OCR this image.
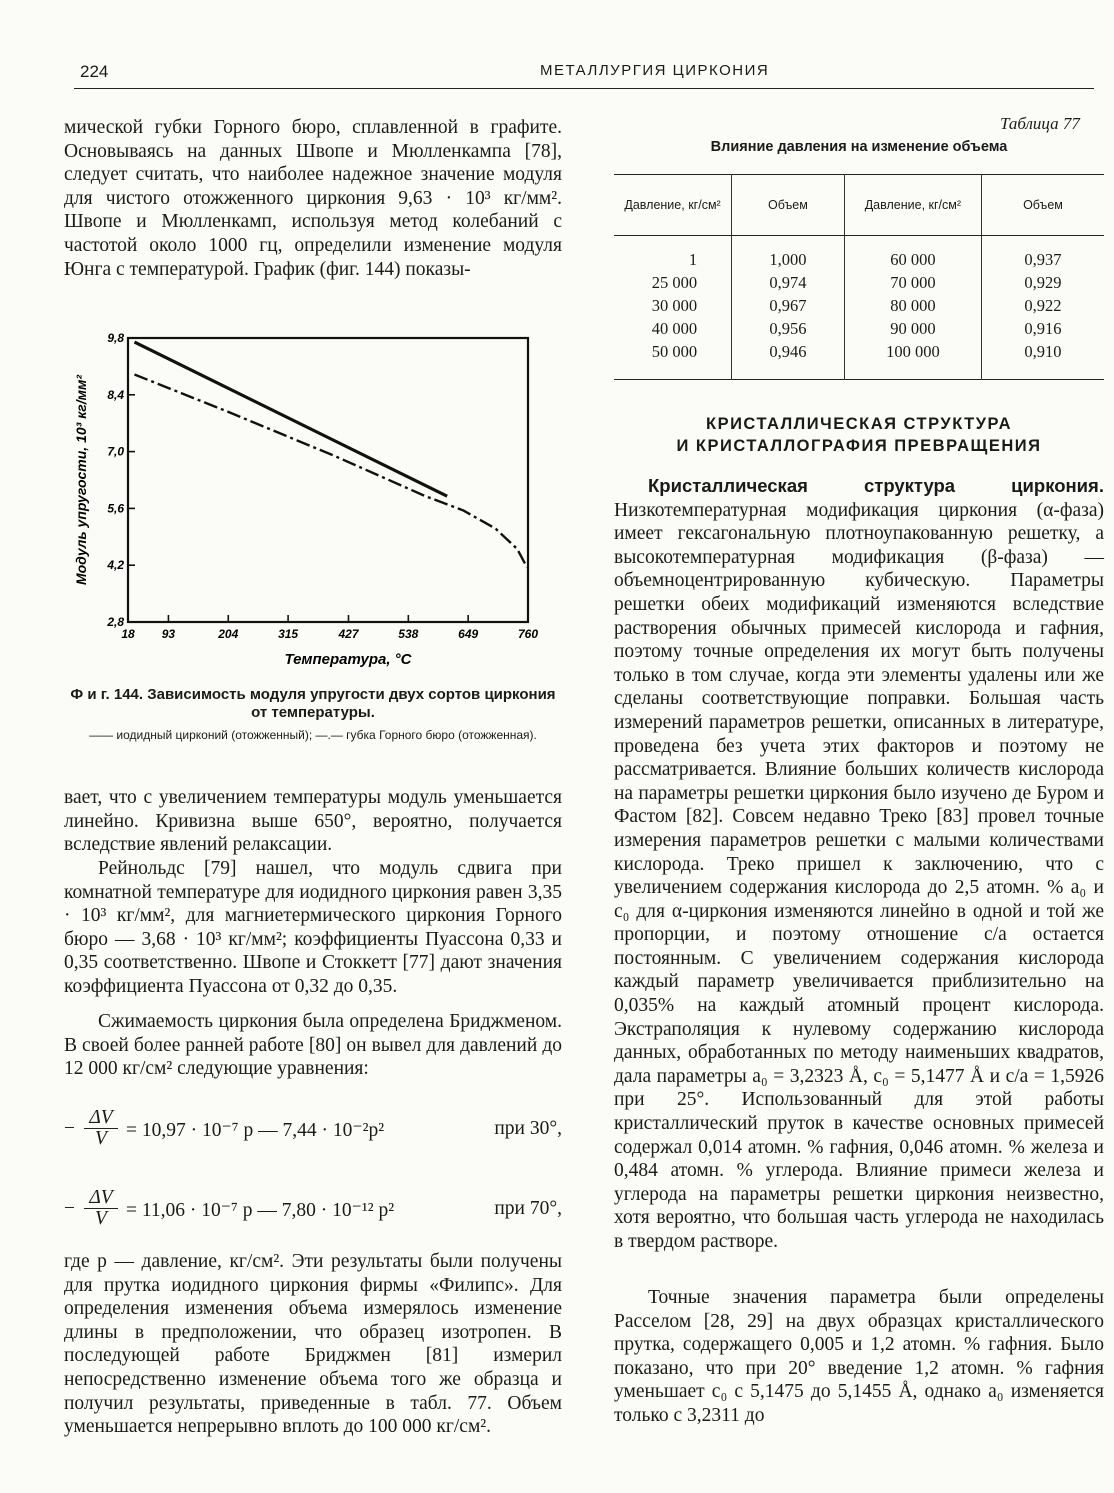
224	МЕТАЛЛУРГИЯ ЦИРКОНИЯ

мической губки Горного бюро, сплавленной в графите. Основываясь на данных Швопе и Мюлленкампа [78], следует считать, что наиболее надежное значение модуля для чистого отожженного циркония 9,63 · 10³ кг/мм². Швопе и Мюлленкамп, используя метод колебаний с частотой около 1000 гц, определили изменение модуля Юнга с температурой. График (фиг. 144) показы-

18 93	204	315	427	538	649	760
2,8
4,2
5,6
7,0
8,4
9,8
Температура, °С
Модуль упругости, 10³ кг/мм²
Ф и г. 144. Зависимость модуля упругости двух сортов циркония от температуры.
—— иодидный цирконий (отожженный); —.— губка Горного бюро (отожженная).

вает, что с увеличением температуры модуль уменьшается линейно. Кривизна выше 650°, вероятно, получается вследствие явлений релаксации.

Рейнольдс [79] нашел, что модуль сдвига при комнатной температуре для иодидного циркония равен 3,35 · 10³ кг/мм², для магниетермического циркония Горного бюро — 3,68 · 10³ кг/мм²; коэффициенты Пуассона 0,33 и 0,35 соответственно. Швопе и Стоккетт [77] дают значения коэффициента Пуассона от 0,32 до 0,35.

Сжимаемость циркония была определена Бриджменом. В своей более ранней работе [80] он вывел для давлений до 12 000 кг/см² следующие уравнения:

− $\frac{\Delta V}{V} = 10,97 \cdot 10^{-7}$ p — 7,44 · 10⁻²p²	при 30°,
− $\frac{\Delta V}{V} = 11,06 \cdot 10^{-7}$ p — 7,80 · 10⁻¹² p²	при 70°,

где p — давление, кг/см². Эти результаты были получены для прутка иодидного циркония фирмы «Филипс». Для определения изменения объема измерялось изменение длины в предположении, что образец изотропен. В последующей работе Бриджмен [81] измерил непосредственно изменение объема того же образца и получил результаты, приведенные в табл. 77. Объем уменьшается непрерывно вплоть до 100 000 кг/см².

Таблица 77
Влияние давления на изменение объема
Давление, кг/см²	Объем	Давление, кг/см²	Объем
1	1,000	60 000	0,937
25 000	0,974	70 000	0,929
30 000	0,967	80 000	0,922
40 000	0,956	90 000	0,916
50 000	0,946	100 000	0,910
КРИСТАЛЛИЧЕСКАЯ СТРУКТУРА
И КРИСТАЛЛОГРАФИЯ ПРЕВРАЩЕНИЯ

Кристаллическая структура циркония. Низкотемпературная модификация циркония (α-фаза) имеет гексагональную плотноупакованную решетку, а высокотемпературная модификация (β-фаза) — объемноцентрированную кубическую. Параметры решетки обеих модификаций изменяются вследствие растворения обычных примесей кислорода и гафния, поэтому точные определения их могут быть получены только в том случае, когда эти элементы удалены или же сделаны соответствующие поправки. Большая часть измерений параметров решетки, описанных в литературе, проведена без учета этих факторов и поэтому не рассматривается. Влияние больших количеств кислорода на параметры решетки циркония было изучено де Буром и Фастом [82]. Совсем недавно Треко [83] провел точные измерения параметров решетки с малыми количествами кислорода. Треко пришел к заключению, что с увеличением содержания кислорода до 2,5 атомн. % a₀ и c₀ для α-циркония изменяются линейно в одной и той же пропорции, и поэтому отношение c/a остается постоянным. С увеличением содержания кислорода каждый параметр увеличивается приблизительно на 0,035% на каждый атомный процент кислорода. Экстраполяция к нулевому содержанию кислорода данных, обработанных по методу наименьших квадратов, дала параметры a₀ = 3,2323 Å, c₀ = 5,1477 Å и c/a = 1,5926 при 25°. Использованный для этой работы кристаллический пруток в качестве основных примесей содержал 0,014 атомн. % гафния, 0,046 атомн. % железа и 0,484 атомн. % углерода. Влияние примеси железа и углерода на параметры решетки циркония неизвестно, хотя вероятно, что большая часть углерода не находилась в твердом растворе.

Точные значения параметра были определены Расселом [28, 29] на двух образцах кристаллического прутка, содержащего 0,005 и 1,2 атомн. % гафния. Было показано, что при 20° введение 1,2 атомн. % гафния уменьшает c₀ с 5,1475 до 5,1455 Å, однако a₀ изменяется только с 3,2311 до
